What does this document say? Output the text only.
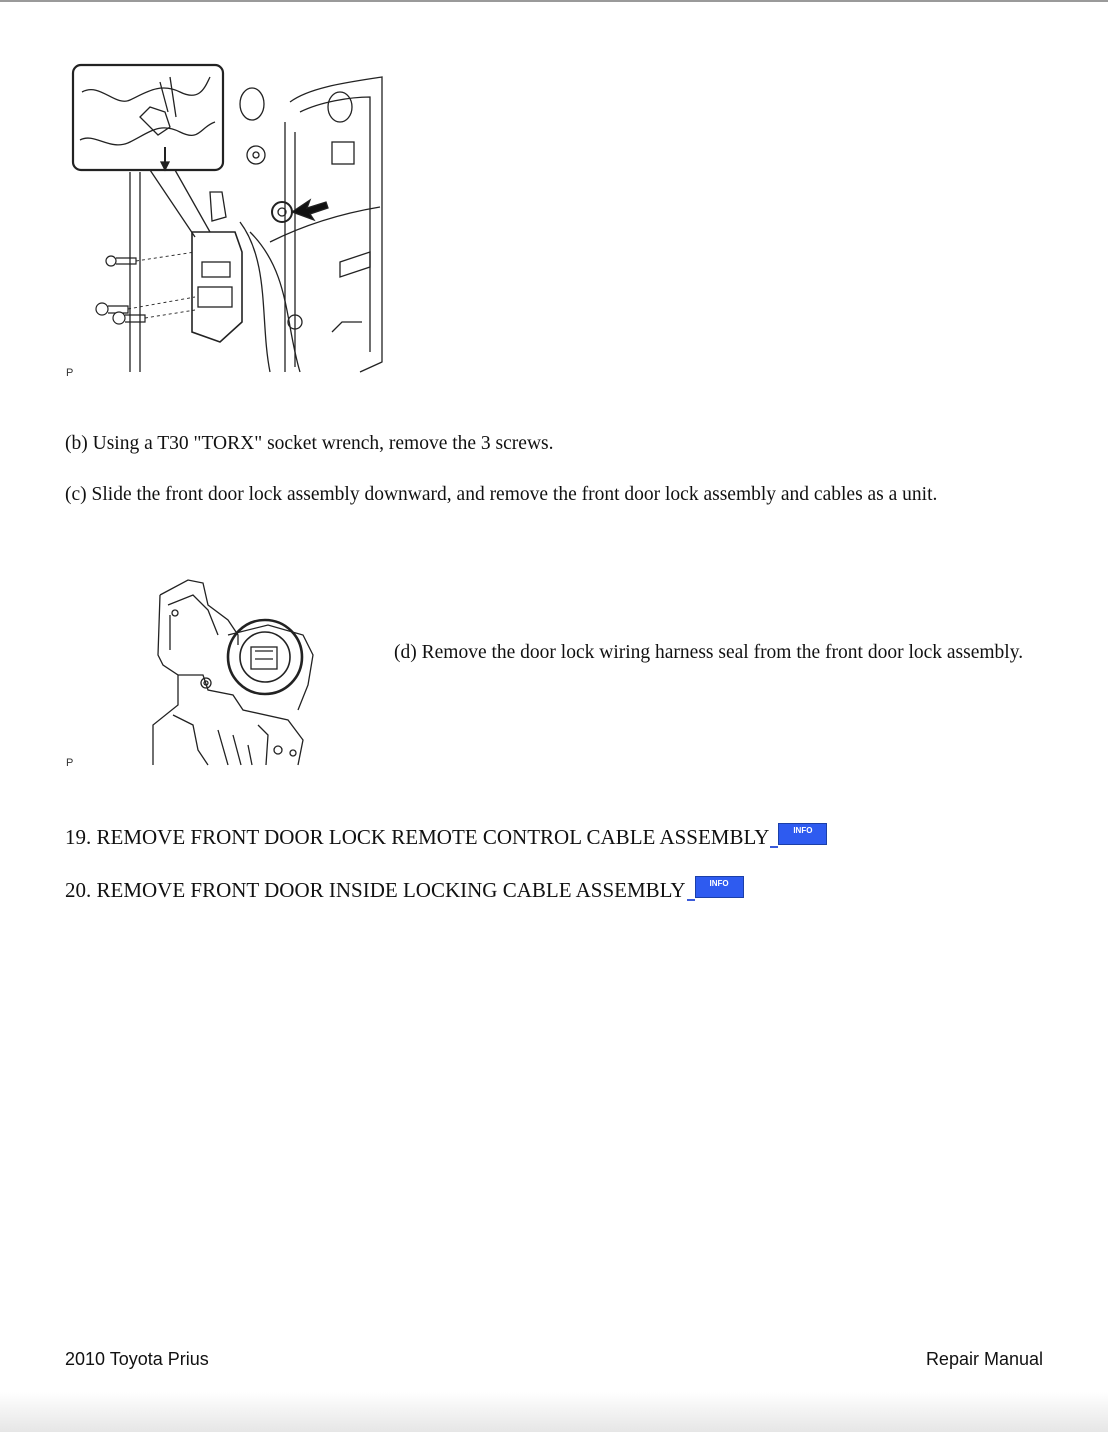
P
(b) Using a T30 "TORX" socket wrench, remove the 3 screws.
(c) Slide the front door lock assembly downward, and remove the front door lock assembly and cables as a unit.
P
(d) Remove the door lock wiring harness seal from the front door lock assembly.
19. REMOVE FRONT DOOR LOCK REMOTE CONTROL CABLE ASSEMBLY	INFO
20. REMOVE FRONT DOOR INSIDE LOCKING CABLE ASSEMBLY	INFO
2010 Toyota Prius	Repair Manual
